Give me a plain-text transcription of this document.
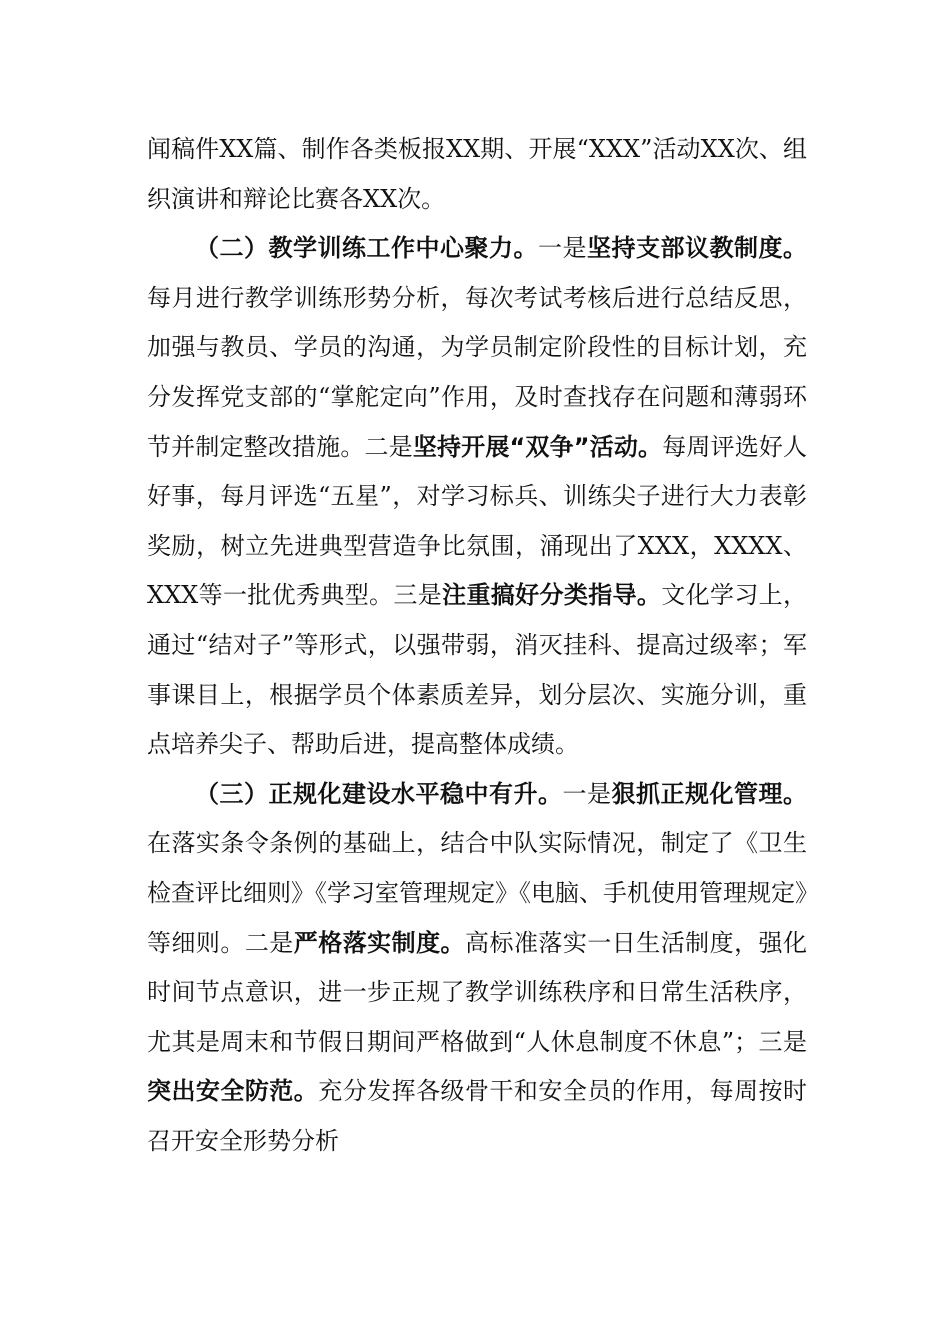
闻稿件XX篇、制作各类板报XX期、开展“XXX”活动XX次、组织演讲和辩论比赛各XX次。

（二）教学训练工作中心聚力。一是坚持支部议教制度。每月进行教学训练形势分析，每次考试考核后进行总结反思，加强与教员、学员的沟通，为学员制定阶段性的目标计划，充分发挥党支部的“掌舵定向”作用，及时查找存在问题和薄弱环节并制定整改措施。二是坚持开展“双争”活动。每周评选好人好事，每月评选“五星”，对学习标兵、训练尖子进行大力表彰奖励，树立先进典型营造争比氛围，涌现出了XXX，XXXX、XXX等一批优秀典型。三是注重搞好分类指导。文化学习上，通过“结对子”等形式，以强带弱，消灭挂科、提高过级率；军事课目上，根据学员个体素质差异，划分层次、实施分训，重点培养尖子、帮助后进，提高整体成绩。

（三）正规化建设水平稳中有升。一是狠抓正规化管理。在落实条令条例的基础上，结合中队实际情况，制定了《卫生检查评比细则》《学习室管理规定》《电脑、手机使用管理规定》等细则。二是严格落实制度。高标准落实一日生活制度，强化时间节点意识，进一步正规了教学训练秩序和日常生活秩序，尤其是周末和节假日期间严格做到“人休息制度不休息”；三是突出安全防范。充分发挥各级骨干和安全员的作用，每周按时召开安全形势分析
